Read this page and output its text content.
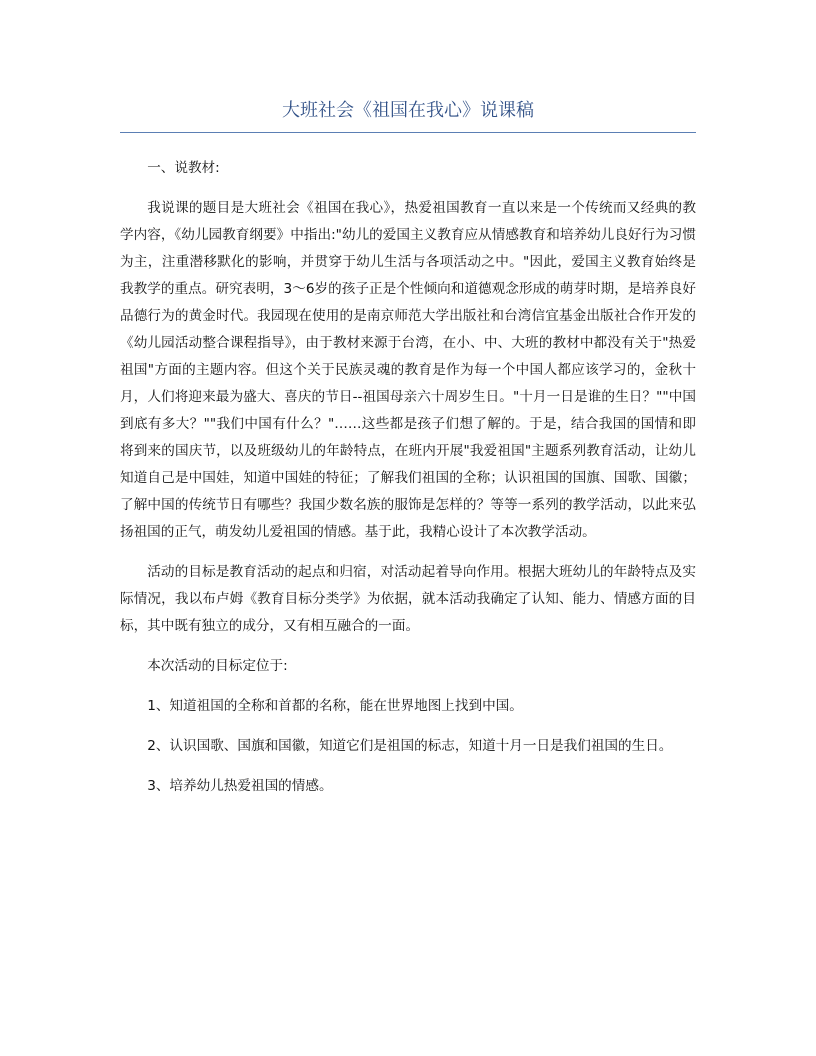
大班社会《祖国在我心》说课稿

一、说教材:

我说课的题目是大班社会《祖国在我心》，热爱祖国教育一直以来是一个传统而又经典的教学内容，《幼儿园教育纲要》中指出:"幼儿的爱国主义教育应从情感教育和培养幼儿良好行为习惯为主，注重潜移默化的影响，并贯穿于幼儿生活与各项活动之中。"因此，爱国主义教育始终是我教学的重点。研究表明，3～6岁的孩子正是个性倾向和道德观念形成的萌芽时期，是培养良好品德行为的黄金时代。我园现在使用的是南京师范大学出版社和台湾信宜基金出版社合作开发的《幼儿园活动整合课程指导》，由于教材来源于台湾，在小、中、大班的教材中都没有关于"热爱祖国"方面的主题内容。但这个关于民族灵魂的教育是作为每一个中国人都应该学习的，金秋十月，人们将迎来最为盛大、喜庆的节日--祖国母亲六十周岁生日。"十月一日是谁的生日？""中国到底有多大？""我们中国有什么？"……这些都是孩子们想了解的。于是，结合我国的国情和即将到来的国庆节，以及班级幼儿的年龄特点，在班内开展"我爱祖国"主题系列教育活动，让幼儿知道自己是中国娃，知道中国娃的特征；了解我们祖国的全称；认识祖国的国旗、国歌、国徽；了解中国的传统节日有哪些？我国少数名族的服饰是怎样的？等等一系列的教学活动，以此来弘扬祖国的正气，萌发幼儿爱祖国的情感。基于此，我精心设计了本次教学活动。

活动的目标是教育活动的起点和归宿，对活动起着导向作用。根据大班幼儿的年龄特点及实际情况，我以布卢姆《教育目标分类学》为依据，就本活动我确定了认知、能力、情感方面的目标，其中既有独立的成分，又有相互融合的一面。

本次活动的目标定位于:

1、知道祖国的全称和首都的名称，能在世界地图上找到中国。

2、认识国歌、国旗和国徽，知道它们是祖国的标志，知道十月一日是我们祖国的生日。

3、培养幼儿热爱祖国的情感。
